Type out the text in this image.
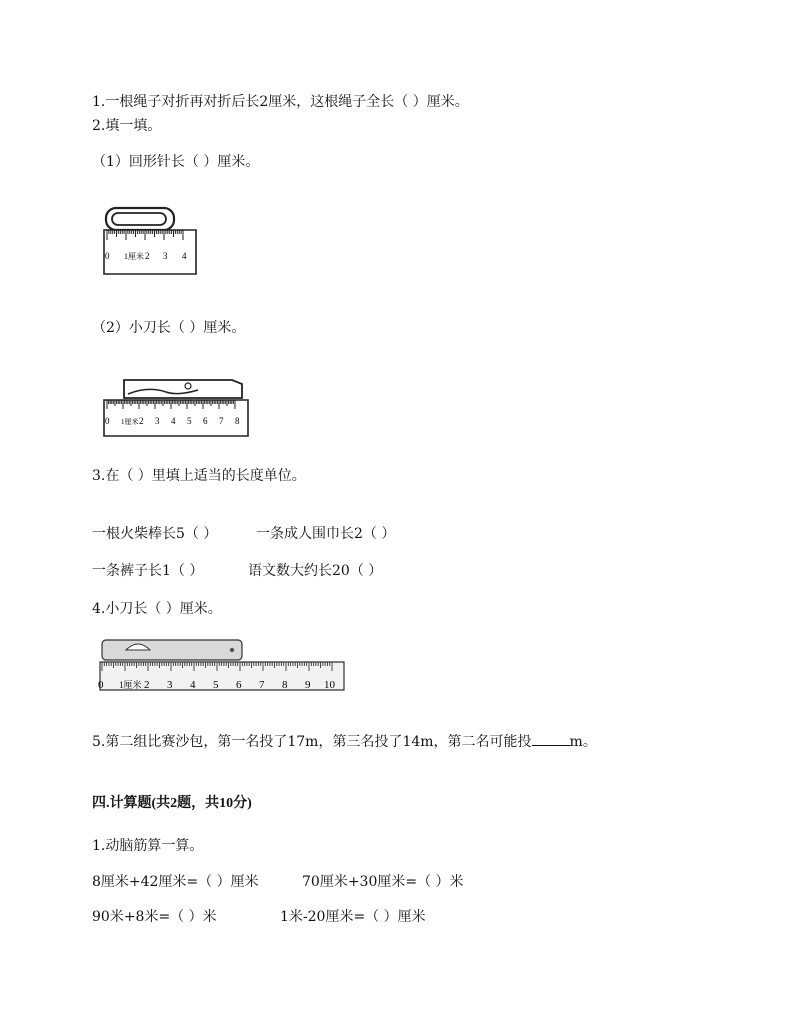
1.一根绳子对折再对折后长2厘米，这根绳子全长（ ）厘米。
2.填一填。
（1）回形针长（ ）厘米。
0 1厘米 2 3 4
（2）小刀长（ ）厘米。
0 1厘米 2 3 4 5 6 7 8
3.在（ ）里填上适当的长度单位。
一根火柴棒长5（ ）	一条成人围巾长2（ ）
一条裤子长1（ ）	语文数大约长20（ ）
4.小刀长（ ）厘米。
0 1厘米 2 3 4 5 6 7 8 9 10
5.第二组比赛沙包，第一名投了17m，第三名投了14m，第二名可能投	m。
四.计算题(共2题，共10分)
1.动脑筋算一算。
8厘米+42厘米=（ ）厘米	70厘米+30厘米=（ ）米
90米+8米=（ ）米	1米-20厘米=（ ）厘米
